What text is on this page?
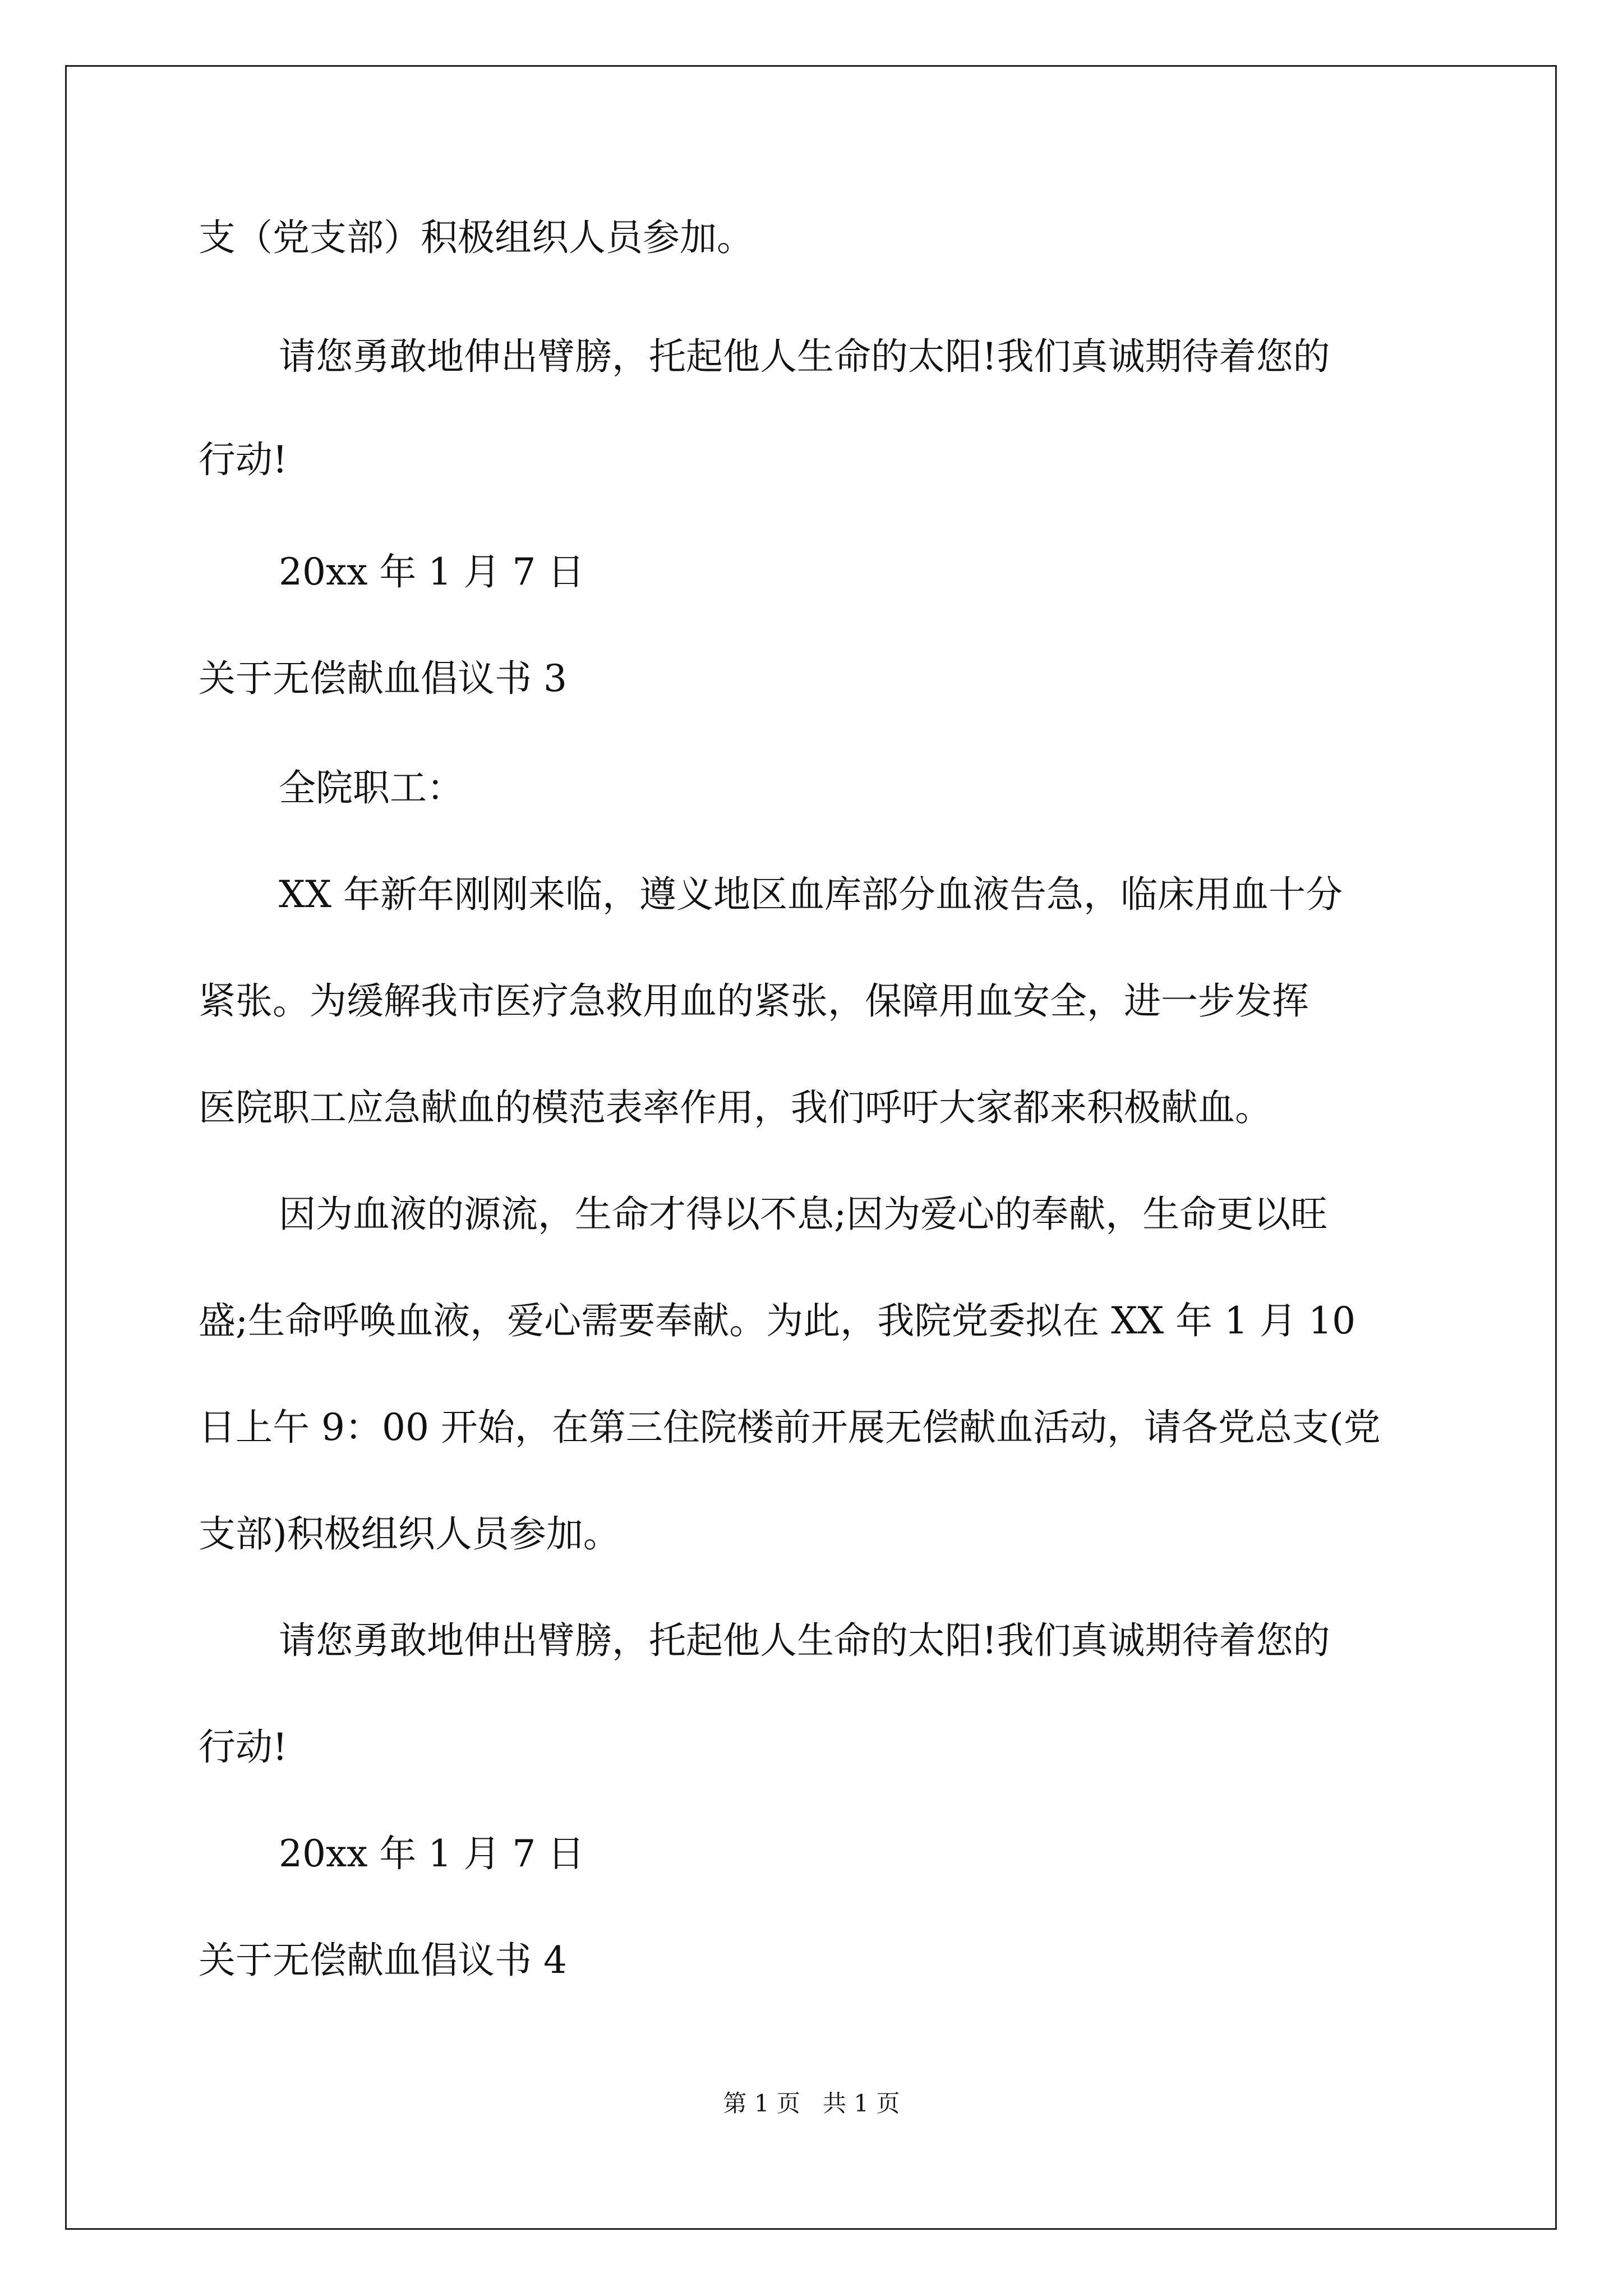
支（党支部）积极组织人员参加。
请您勇敢地伸出臂膀，托起他人生命的太阳!我们真诚期待着您的
行动!
20xx 年 1 月 7 日
关于无偿献血倡议书 3
全院职工：
XX 年新年刚刚来临，遵义地区血库部分血液告急，临床用血十分
紧张。为缓解我市医疗急救用血的紧张，保障用血安全，进一步发挥
医院职工应急献血的模范表率作用，我们呼吁大家都来积极献血。
因为血液的源流，生命才得以不息;因为爱心的奉献，生命更以旺
盛;生命呼唤血液，爱心需要奉献。为此，我院党委拟在 XX 年 1 月 10
日上午 9：00 开始，在第三住院楼前开展无偿献血活动，请各党总支(党
支部)积极组织人员参加。
请您勇敢地伸出臂膀，托起他人生命的太阳!我们真诚期待着您的
行动!
20xx 年 1 月 7 日
关于无偿献血倡议书 4
第 1 页   共 1 页
